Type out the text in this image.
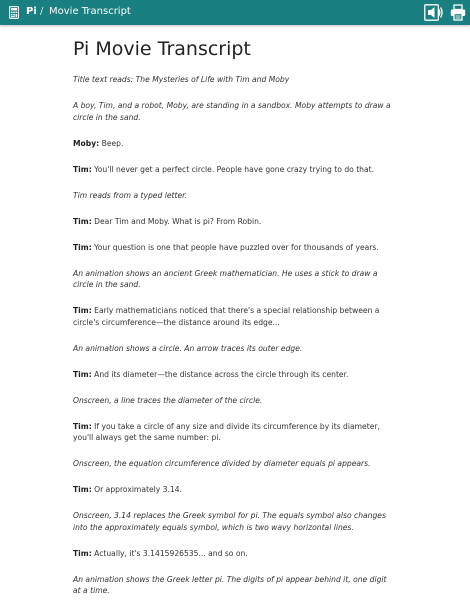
Pi / Movie Transcript
Pi Movie Transcript

Title text reads: The Mysteries of Life with Tim and Moby

A boy, Tim, and a robot, Moby, are standing in a sandbox. Moby attempts to draw a circle in the sand.

Moby: Beep.

Tim: You'll never get a perfect circle. People have gone crazy trying to do that.

Tim reads from a typed letter.

Tim: Dear Tim and Moby. What is pi? From Robin.

Tim: Your question is one that people have puzzled over for thousands of years.

An animation shows an ancient Greek mathematician. He uses a stick to draw a circle in the sand.

Tim: Early mathematicians noticed that there's a special relationship between a circle's circumference—the distance around its edge...

An animation shows a circle. An arrow traces its outer edge.

Tim: And its diameter—the distance across the circle through its center.

Onscreen, a line traces the diameter of the circle.

Tim: If you take a circle of any size and divide its circumference by its diameter, you'll always get the same number: pi.

Onscreen, the equation circumference divided by diameter equals pi appears.

Tim: Or approximately 3.14.

Onscreen, 3.14 replaces the Greek symbol for pi. The equals symbol also changes into the approximately equals symbol, which is two wavy horizontal lines.

Tim: Actually, it's 3.1415926535... and so on.

An animation shows the Greek letter pi. The digits of pi appear behind it, one digit at a time.
